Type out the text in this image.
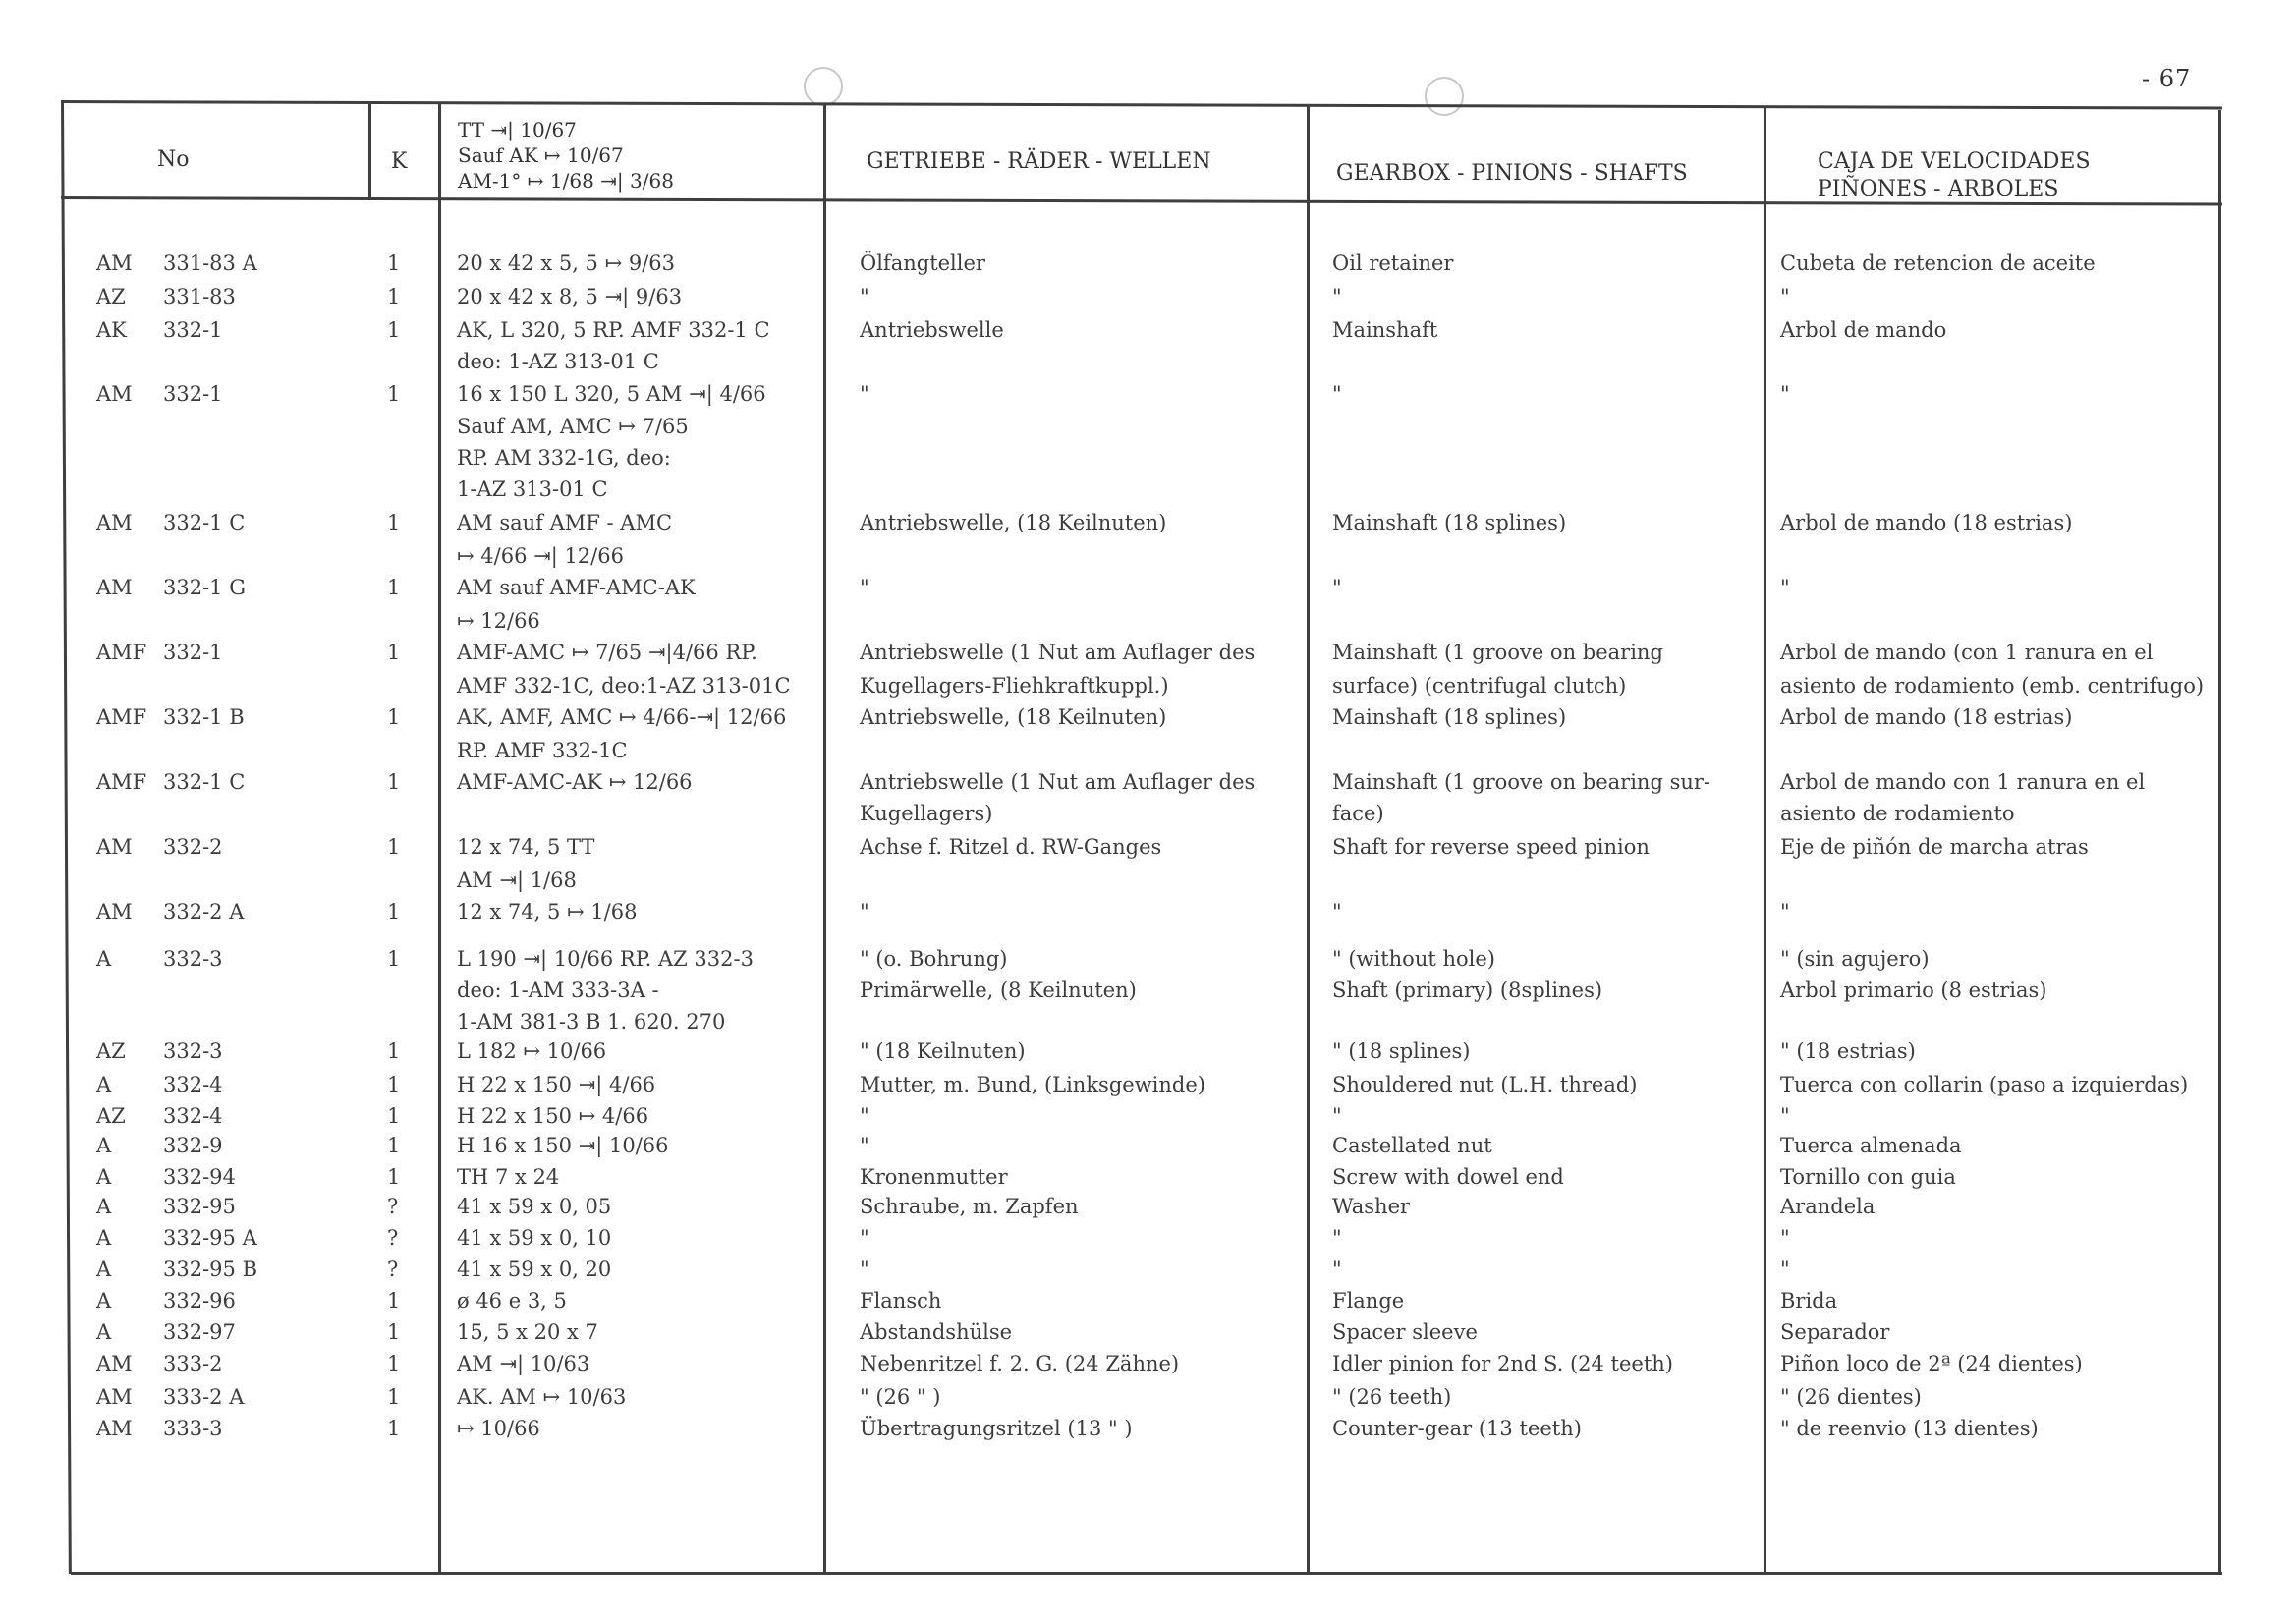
- 67
No	K
TT ⇥| 10/67
Sauf AK ↦ 10/67
AM-1° ↦ 1/68 ⇥| 3/68
GETRIEBE - RÄDER - WELLEN	GEARBOX - PINIONS - SHAFTS	CAJA DE VELOCIDADES
PIÑONES - ARBOLES
AM	331-83 A	1	20 x 42 x 5, 5 ↦ 9/63	Ölfangteller	Oil retainer	Cubeta de retencion de aceite
AZ	331-83	1	20 x 42 x 8, 5 ⇥| 9/63	"	"	"
AK	332-1	1	AK, L 320, 5 RP. AMF 332-1 C	Antriebswelle	Mainshaft	Arbol de mando
deo: 1-AZ 313-01 C
AM	332-1	1	16 x 150 L 320, 5 AM ⇥| 4/66	"	"	"
Sauf AM, AMC ↦ 7/65
RP. AM 332-1G, deo:
1-AZ 313-01 C
AM	332-1 C	1	AM sauf AMF - AMC	Antriebswelle, (18 Keilnuten)	Mainshaft (18 splines)	Arbol de mando (18 estrias)
↦ 4/66 ⇥| 12/66
AM	332-1 G	1	AM sauf AMF-AMC-AK	"	"	"
↦ 12/66
AMF 332-1	1	AMF-AMC ↦ 7/65 ⇥|4/66 RP.	Antriebswelle (1 Nut am Auflager des	Mainshaft (1 groove on bearing	Arbol de mando (con 1 ranura en el
AMF 332-1C, deo:1-AZ 313-01C	Kugellagers-Fliehkraftkuppl.)	surface) (centrifugal clutch)	asiento de rodamiento (emb. centrifugo)
AMF 332-1 B	1	AK, AMF, AMC ↦ 4/66-⇥| 12/66	Antriebswelle, (18 Keilnuten)	Mainshaft (18 splines)	Arbol de mando (18 estrias)
RP. AMF 332-1C
AMF 332-1 C	1	AMF-AMC-AK ↦ 12/66	Antriebswelle (1 Nut am Auflager des	Mainshaft (1 groove on bearing sur-	Arbol de mando con 1 ranura en el
Kugellagers)	face)	asiento de rodamiento
AM	332-2	1	12 x 74, 5 TT	Achse f. Ritzel d. RW-Ganges	Shaft for reverse speed pinion	Eje de piñón de marcha atras
AM ⇥| 1/68
AM	332-2 A	1	12 x 74, 5 ↦ 1/68	"	"	"
A	332-3	1	L 190 ⇥| 10/66 RP. AZ 332-3	" (o. Bohrung)	" (without hole)	" (sin agujero)
deo: 1-AM 333-3A -	Primärwelle, (8 Keilnuten)	Shaft (primary) (8splines)	Arbol primario (8 estrias)
1-AM 381-3 B 1. 620. 270
AZ	332-3	1	L 182 ↦ 10/66	" (18 Keilnuten)	" (18 splines)	" (18 estrias)
A	332-4	1	H 22 x 150 ⇥| 4/66	Mutter, m. Bund, (Linksgewinde)	Shouldered nut (L.H. thread)	Tuerca con collarin (paso a izquierdas)
AZ	332-4	1	H 22 x 150 ↦ 4/66	"	"	"
A	332-9	1	H 16 x 150 ⇥| 10/66	"	Castellated nut	Tuerca almenada
A	332-94	1	TH 7 x 24	Kronenmutter	Screw with dowel end	Tornillo con guia
A	332-95	?	41 x 59 x 0, 05	Schraube, m. Zapfen	Washer	Arandela
A	332-95 A	?	41 x 59 x 0, 10	"	"	"
A	332-95 B	?	41 x 59 x 0, 20	"	"	"
A	332-96	1	ø 46 e 3, 5	Flansch	Flange	Brida
A	332-97	1	15, 5 x 20 x 7	Abstandshülse	Spacer sleeve	Separador
AM	333-2	1	AM ⇥| 10/63	Nebenritzel f. 2. G. (24 Zähne)	Idler pinion for 2nd S. (24 teeth)	Piñon loco de 2ª (24 dientes)
AM	333-2 A	1	AK. AM ↦ 10/63	" (26 " )	" (26 teeth)	" (26 dientes)
AM	333-3	1	↦ 10/66	Übertragungsritzel (13 " )	Counter-gear (13 teeth)	" de reenvio (13 dientes)
